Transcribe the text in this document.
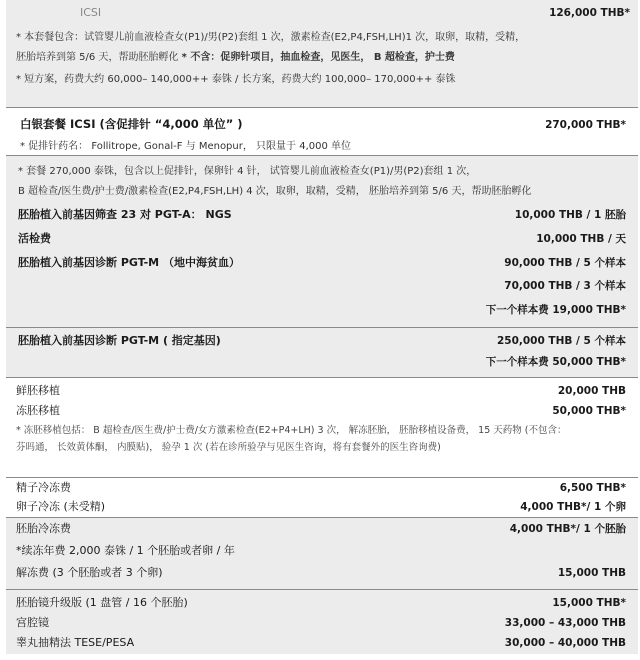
ICSI	126,000 THB*
* 本套餐包含：试管婴儿前血液检查女(P1)/男(P2)套组 1 次，激素检查(E2,P4,FSH,LH)1 次，取卵，取精，受精，
胚胎培养到第 5/6 天，帮助胚胎孵化 * 不含：促卵针项目，抽血检查，见医生， B 超检查，护士费
* 短方案，药费大约 60,000– 140,000++ 泰铢 / 长方案，药费大约 100,000– 170,000++ 泰铢
白银套餐 ICSI (含促排针 “4,000 单位” )	270,000 THB*
* 促排针药名： Follitrope, Gonal-F 与 Menopur， 只限量于 4,000 单位
* 套餐 270,000 泰铢，包含以上促排针，保卵针 4 针， 试管婴儿前血液检查女(P1)/男(P2)套组 1 次，
B 超检查/医生费/护士费/激素检查(E2,P4,FSH,LH) 4 次，取卵，取精，受精， 胚胎培养到第 5/6 天，帮助胚胎孵化
胚胎植入前基因筛查 23 对 PGT-A： NGS	10,000 THB / 1 胚胎
活检费	10,000 THB / 天
胚胎植入前基因诊断 PGT-M （地中海贫血）	90,000 THB / 5 个样本
70,000 THB / 3 个样本
下一个样本费 19,000 THB*
胚胎植入前基因诊断 PGT-M ( 指定基因)	250,000 THB / 5 个样本
下一个样本费 50,000 THB*
鲜胚移植	20,000 THB
冻胚移植	50,000 THB*
* 冻胚移植包括： B 超检查/医生费/护士费/女方激素检查(E2+P4+LH) 3 次， 解冻胚胎， 胚胎移植设备费， 15 天药物 (不包含：
芬吗通， 长效黄体酮， 内膜贴)， 验孕 1 次 (若在诊所验孕与见医生咨询，将有套餐外的医生咨询费)
精子冷冻费	6,500 THB*
卵子冷冻 (未受精)	4,000 THB*/ 1 个卵
胚胎冷冻费	4,000 THB*/ 1 个胚胎
*续冻年费 2,000 泰铢 / 1 个胚胎或者卵 / 年
解冻费 (3 个胚胎或者 3 个卵)	15,000 THB
胚胎镜升级版 (1 盘管 / 16 个胚胎)	15,000 THB*
宫腔镜	33,000 – 43,000 THB
睾丸抽精法 TESE/PESA	30,000 – 40,000 THB
